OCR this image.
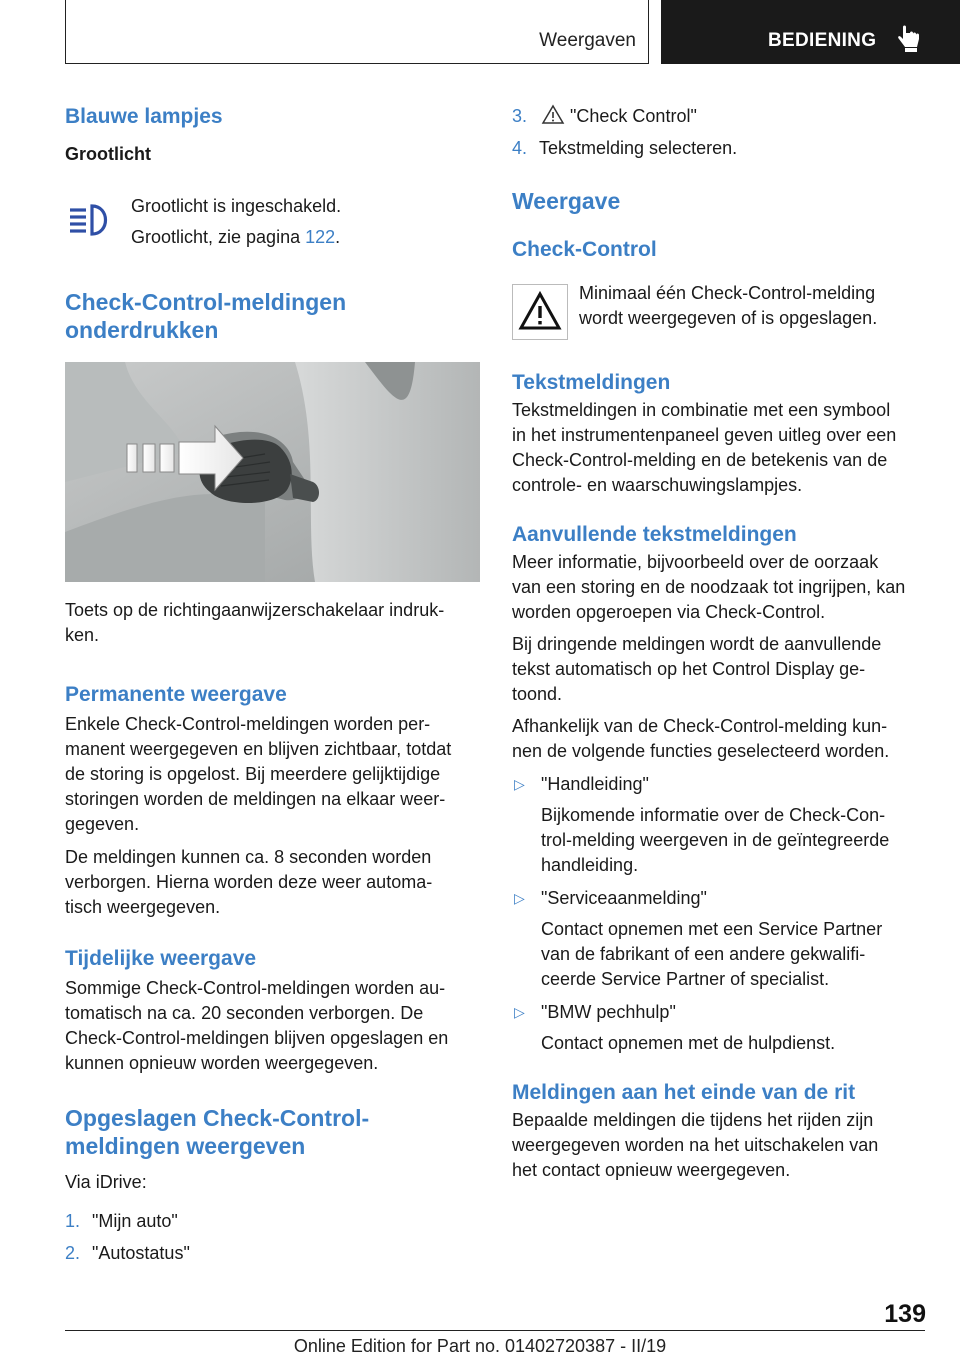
Weergaven	BEDIENING
Blauwe lampjes
Grootlicht
Grootlicht is ingeschakeld.
Grootlicht, zie pagina 122.
Check-Control-meldingen
onderdrukken
Toets op de richtingaanwijzerschakelaar indruk-
ken.
Permanente weergave
Enkele Check-Control-meldingen worden per-
manent weergegeven en blijven zichtbaar, totdat
de storing is opgelost. Bij meerdere gelijktijdige
storingen worden de meldingen na elkaar weer-
gegeven.
De meldingen kunnen ca. 8 seconden worden
verborgen. Hierna worden deze weer automa-
tisch weergegeven.
Tijdelijke weergave
Sommige Check-Control-meldingen worden au-
tomatisch na ca. 20 seconden verborgen. De
Check-Control-meldingen blijven opgeslagen en
kunnen opnieuw worden weergegeven.
Opgeslagen Check-Control-
meldingen weergeven
Via iDrive:
1. "Mijn auto"
2. "Autostatus"
3. "Check Control"
4. Tekstmelding selecteren.
Weergave
Check-Control
Minimaal één Check-Control-melding
wordt weergegeven of is opgeslagen.
Tekstmeldingen
Tekstmeldingen in combinatie met een symbool
in het instrumentenpaneel geven uitleg over een
Check-Control-melding en de betekenis van de
controle- en waarschuwingslampjes.
Aanvullende tekstmeldingen
Meer informatie, bijvoorbeeld over de oorzaak
van een storing en de noodzaak tot ingrijpen, kan
worden opgeroepen via Check-Control.
Bij dringende meldingen wordt de aanvullende
tekst automatisch op het Control Display ge-
toond.
Afhankelijk van de Check-Control-melding kun-
nen de volgende functies geselecteerd worden.
▷ "Handleiding"
Bijkomende informatie over de Check-Con-
trol-melding weergeven in de geïntegreerde
handleiding.
▷ "Serviceaanmelding"
Contact opnemen met een Service Partner
van de fabrikant of een andere gekwalifi-
ceerde Service Partner of specialist.
▷ "BMW pechhulp"
Contact opnemen met de hulpdienst.
Meldingen aan het einde van de rit
Bepaalde meldingen die tijdens het rijden zijn
weergegeven worden na het uitschakelen van
het contact opnieuw weergegeven.
139
Online Edition for Part no. 01402720387 - II/19
